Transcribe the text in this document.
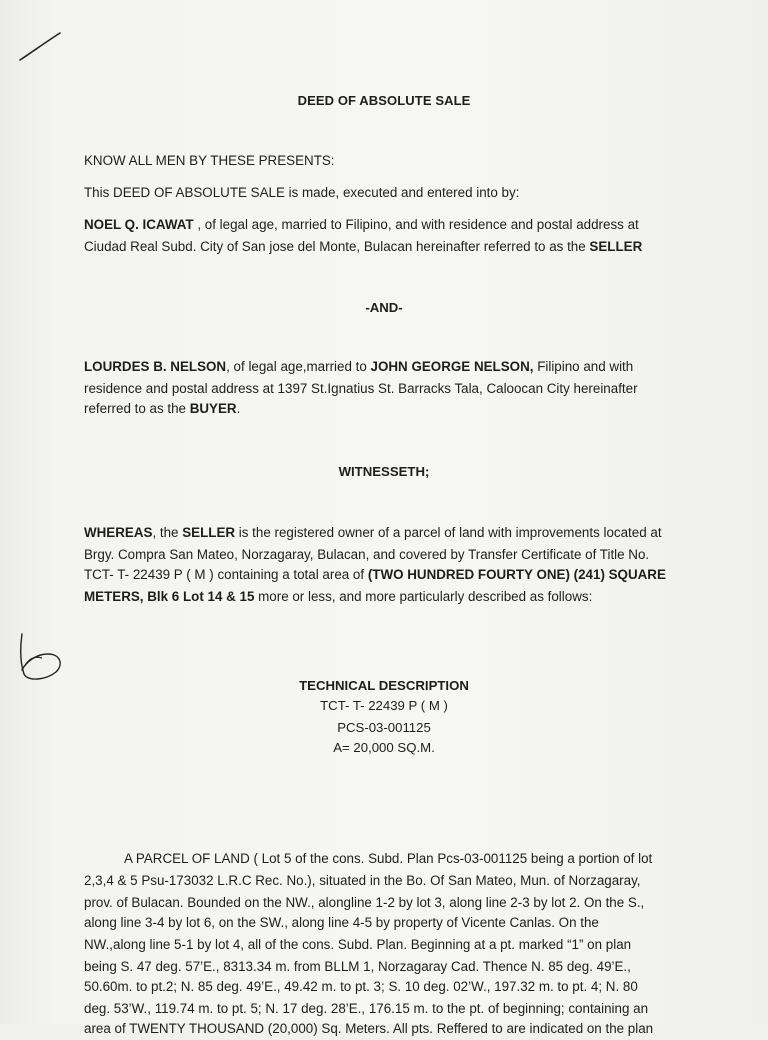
DEED OF ABSOLUTE SALE
KNOW ALL MEN BY THESE PRESENTS:
This DEED OF ABSOLUTE SALE is made, executed and entered into by:
NOEL Q. ICAWAT , of legal age, married to Filipino, and with residence and postal address at
Ciudad Real Subd. City of San jose del Monte, Bulacan hereinafter referred to as the SELLER
-AND-
LOURDES B. NELSON, of legal age,married to JOHN GEORGE NELSON, Filipino and with
residence and postal address at 1397 St.Ignatius St. Barracks Tala, Caloocan City hereinafter
referred to as the BUYER.
WITNESSETH;
WHEREAS, the SELLER is the registered owner of a parcel of land with improvements located at
Brgy. Compra San Mateo, Norzagaray, Bulacan, and covered by Transfer Certificate of Title No.
TCT- T- 22439 P ( M ) containing a total area of (TWO HUNDRED FOURTY ONE) (241) SQUARE
METERS, Blk 6 Lot 14 & 15 more or less, and more particularly described as follows:
TECHNICAL DESCRIPTION
TCT- T- 22439 P ( M )
PCS-03-001125
A= 20,000 SQ.M.
A PARCEL OF LAND ( Lot 5 of the cons. Subd. Plan Pcs-03-001125 being a portion of lot
2,3,4 & 5 Psu-173032 L.R.C Rec. No.), situated in the Bo. Of San Mateo, Mun. of Norzagaray,
prov. of Bulacan. Bounded on the NW., alongline 1-2 by lot 3, along line 2-3 by lot 2. On the S.,
along line 3-4 by lot 6, on the SW., along line 4-5 by property of Vicente Canlas. On the
NW.,along line 5-1 by lot 4, all of the cons. Subd. Plan. Beginning at a pt. marked “1” on plan
being S. 47 deg. 57’E., 8313.34 m. from BLLM 1, Norzagaray Cad. Thence N. 85 deg. 49’E.,
50.60m. to pt.2; N. 85 deg. 49’E., 49.42 m. to pt. 3; S. 10 deg. 02’W., 197.32 m. to pt. 4; N. 80
deg. 53’W., 119.74 m. to pt. 5; N. 17 deg. 28’E., 176.15 m. to the pt. of beginning; containing an
area of TWENTY THOUSAND (20,000) Sq. Meters. All pts. Reffered to are indicated on the plan
